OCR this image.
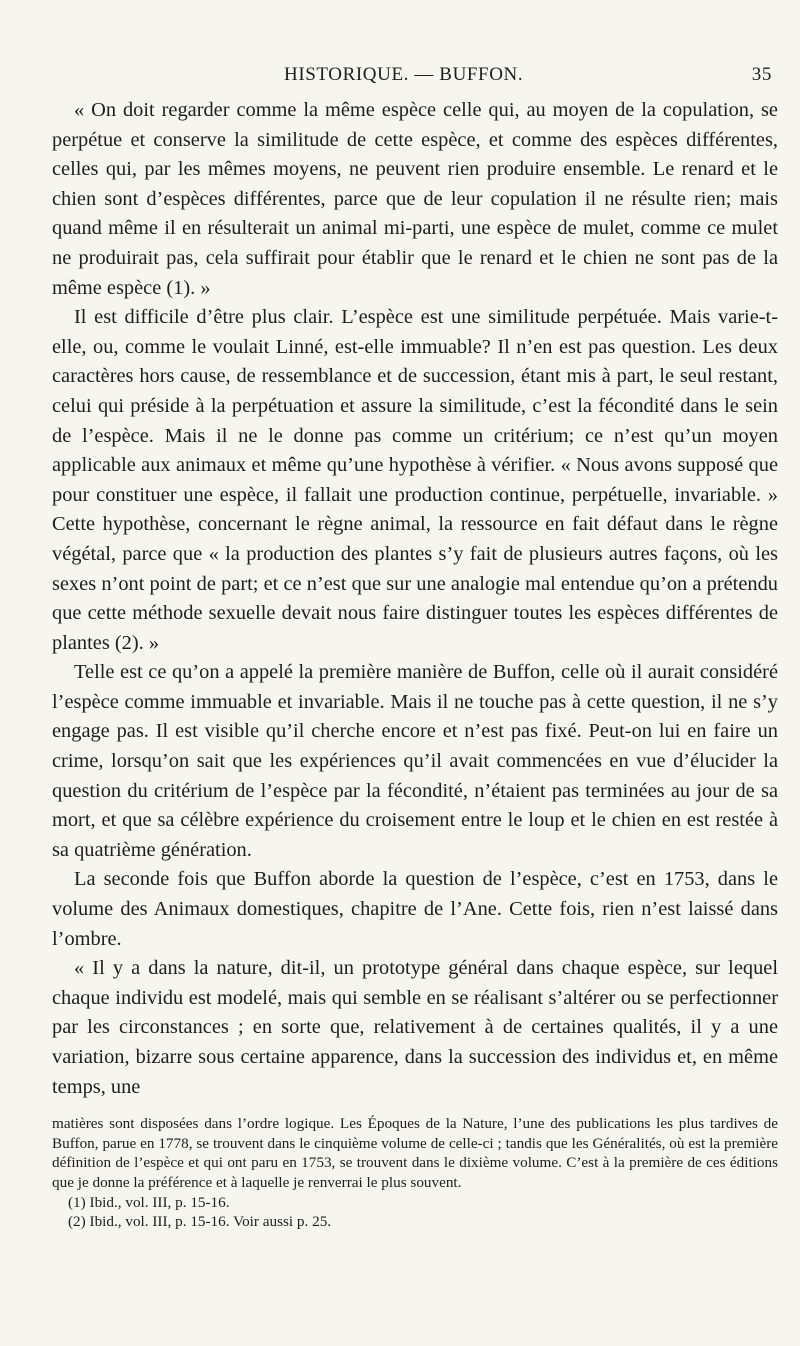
HISTORIQUE. — BUFFON.	35

« On doit regarder comme la même espèce celle qui, au moyen de la copulation, se perpétue et conserve la similitude de cette espèce, et comme des espèces différentes, celles qui, par les mêmes moyens, ne peuvent rien produire ensemble. Le renard et le chien sont d’espèces différentes, parce que de leur copulation il ne résulte rien; mais quand même il en résulterait un animal mi-parti, une espèce de mulet, comme ce mulet ne produirait pas, cela suffirait pour établir que le renard et le chien ne sont pas de la même espèce (1). »

Il est difficile d’être plus clair. L’espèce est une similitude perpétuée. Mais varie-t-elle, ou, comme le voulait Linné, est-elle immuable? Il n’en est pas question. Les deux caractères hors cause, de ressemblance et de succession, étant mis à part, le seul restant, celui qui préside à la perpétuation et assure la similitude, c’est la fécondité dans le sein de l’espèce. Mais il ne le donne pas comme un critérium; ce n’est qu’un moyen applicable aux animaux et même qu’une hypothèse à vérifier. « Nous avons supposé que pour constituer une espèce, il fallait une production continue, perpétuelle, invariable. » Cette hypothèse, concernant le règne animal, la ressource en fait défaut dans le règne végétal, parce que « la production des plantes s’y fait de plusieurs autres façons, où les sexes n’ont point de part; et ce n’est que sur une analogie mal entendue qu’on a prétendu que cette méthode sexuelle devait nous faire distinguer toutes les espèces différentes de plantes (2). »

Telle est ce qu’on a appelé la première manière de Buffon, celle où il aurait considéré l’espèce comme immuable et invariable. Mais il ne touche pas à cette question, il ne s’y engage pas. Il est visible qu’il cherche encore et n’est pas fixé. Peut-on lui en faire un crime, lorsqu’on sait que les expériences qu’il avait commencées en vue d’élucider la question du critérium de l’espèce par la fécondité, n’étaient pas terminées au jour de sa mort, et que sa célèbre expérience du croisement entre le loup et le chien en est restée à sa quatrième génération.

La seconde fois que Buffon aborde la question de l’espèce, c’est en 1753, dans le volume des Animaux domestiques, chapitre de l’Ane. Cette fois, rien n’est laissé dans l’ombre.

« Il y a dans la nature, dit-il, un prototype général dans chaque espèce, sur lequel chaque individu est modelé, mais qui semble en se réalisant s’altérer ou se perfectionner par les circonstances ; en sorte que, relativement à de certaines qualités, il y a une variation, bizarre sous certaine apparence, dans la succession des individus et, en même temps, une

matières sont disposées dans l’ordre logique. Les Époques de la Nature, l’une des publications les plus tardives de Buffon, parue en 1778, se trouvent dans le cinquième volume de celle-ci ; tandis que les Généralités, où est la première définition de l’espèce et qui ont paru en 1753, se trouvent dans le dixième volume. C’est à la première de ces éditions que je donne la préférence et à laquelle je renverrai le plus souvent.

(1) Ibid., vol. III, p. 15-16.

(2) Ibid., vol. III, p. 15-16. Voir aussi p. 25.
